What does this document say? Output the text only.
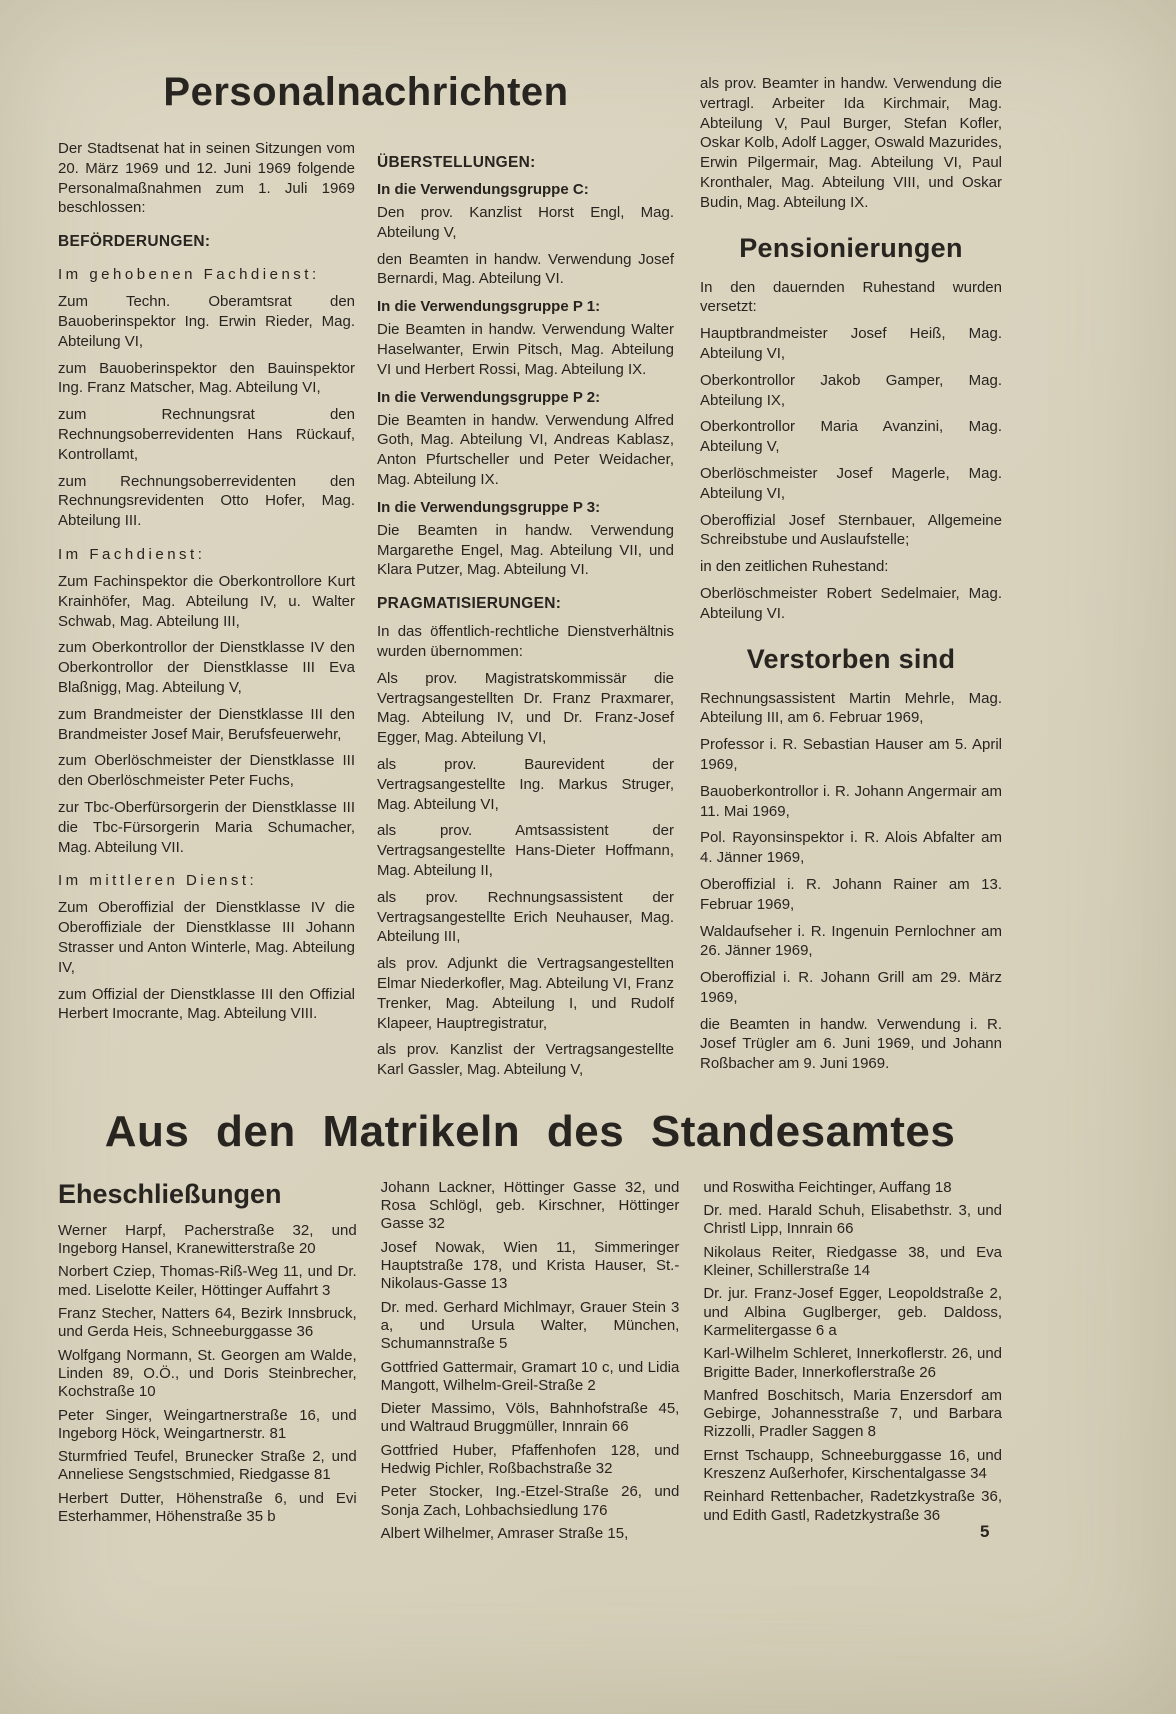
Personalnachrichten

Der Stadtsenat hat in seinen Sitzungen vom 20. März 1969 und 12. Juni 1969 folgende Personalmaßnahmen zum 1. Juli 1969 beschlossen:

BEFÖRDERUNGEN:
Im gehobenen Fachdienst:

Zum Techn. Oberamtsrat den Bauoberinspektor Ing. Erwin Rieder, Mag. Abteilung VI,

zum Bauoberinspektor den Bauinspektor Ing. Franz Matscher, Mag. Abteilung VI,

zum Rechnungsrat den Rechnungsoberrevidenten Hans Rückauf, Kontrollamt,

zum Rechnungsoberrevidenten den Rechnungsrevidenten Otto Hofer, Mag. Abteilung III.

Im Fachdienst:

Zum Fachinspektor die Oberkontrollore Kurt Krainhöfer, Mag. Abteilung IV, u. Walter Schwab, Mag. Abteilung III,

zum Oberkontrollor der Dienstklasse IV den Oberkontrollor der Dienstklasse III Eva Blaßnigg, Mag. Abteilung V,

zum Brandmeister der Dienstklasse III den Brandmeister Josef Mair, Berufsfeuerwehr,

zum Oberlöschmeister der Dienstklasse III den Oberlöschmeister Peter Fuchs,

zur Tbc-Oberfürsorgerin der Dienstklasse III die Tbc-Fürsorgerin Maria Schumacher, Mag. Abteilung VII.

Im mittleren Dienst:

Zum Oberoffizial der Dienstklasse IV die Oberoffiziale der Dienstklasse III Johann Strasser und Anton Winterle, Mag. Abteilung IV,

zum Offizial der Dienstklasse III den Offizial Herbert Imocrante, Mag. Abteilung VIII.

ÜBERSTELLUNGEN:
In die Verwendungsgruppe C:

Den prov. Kanzlist Horst Engl, Mag. Abteilung V,

den Beamten in handw. Verwendung Josef Bernardi, Mag. Abteilung VI.

In die Verwendungsgruppe P 1:

Die Beamten in handw. Verwendung Walter Haselwanter, Erwin Pitsch, Mag. Abteilung VI und Herbert Rossi, Mag. Abteilung IX.

In die Verwendungsgruppe P 2:

Die Beamten in handw. Verwendung Alfred Goth, Mag. Abteilung VI, Andreas Kablasz, Anton Pfurtscheller und Peter Weidacher, Mag. Abteilung IX.

In die Verwendungsgruppe P 3:

Die Beamten in handw. Verwendung Margarethe Engel, Mag. Abteilung VII, und Klara Putzer, Mag. Abteilung VI.

PRAGMATISIERUNGEN:

In das öffentlich-rechtliche Dienstverhältnis wurden übernommen:

Als prov. Magistratskommissär die Vertragsangestellten Dr. Franz Praxmarer, Mag. Abteilung IV, und Dr. Franz-Josef Egger, Mag. Abteilung VI,

als prov. Baurevident der Vertragsangestellte Ing. Markus Struger, Mag. Abteilung VI,

als prov. Amtsassistent der Vertragsangestellte Hans-Dieter Hoffmann, Mag. Abteilung II,

als prov. Rechnungsassistent der Vertragsangestellte Erich Neuhauser, Mag. Abteilung III,

als prov. Adjunkt die Vertragsangestellten Elmar Niederkofler, Mag. Abteilung VI, Franz Trenker, Mag. Abteilung I, und Rudolf Klapeer, Hauptregistratur,

als prov. Kanzlist der Vertragsangestellte Karl Gassler, Mag. Abteilung V,

als prov. Beamter in handw. Verwendung die vertragl. Arbeiter Ida Kirchmair, Mag. Abteilung V, Paul Burger, Stefan Kofler, Oskar Kolb, Adolf Lagger, Oswald Mazurides, Erwin Pilgermair, Mag. Abteilung VI, Paul Kronthaler, Mag. Abteilung VIII, und Oskar Budin, Mag. Abteilung IX.

Pensionierungen

In den dauernden Ruhestand wurden versetzt:

Hauptbrandmeister Josef Heiß, Mag. Abteilung VI,

Oberkontrollor Jakob Gamper, Mag. Abteilung IX,

Oberkontrollor Maria Avanzini, Mag. Abteilung V,

Oberlöschmeister Josef Magerle, Mag. Abteilung VI,

Oberoffizial Josef Sternbauer, Allgemeine Schreibstube und Auslaufstelle;

in den zeitlichen Ruhestand:

Oberlöschmeister Robert Sedelmaier, Mag. Abteilung VI.

Verstorben sind

Rechnungsassistent Martin Mehrle, Mag. Abteilung III, am 6. Februar 1969,

Professor i. R. Sebastian Hauser am 5. April 1969,

Bauoberkontrollor i. R. Johann Angermair am 11. Mai 1969,

Pol. Rayonsinspektor i. R. Alois Abfalter am 4. Jänner 1969,

Oberoffizial i. R. Johann Rainer am 13. Februar 1969,

Waldaufseher i. R. Ingenuin Pernlochner am 26. Jänner 1969,

Oberoffizial i. R. Johann Grill am 29. März 1969,

die Beamten in handw. Verwendung i. R. Josef Trügler am 6. Juni 1969, und Johann Roßbacher am 9. Juni 1969.

Aus den Matrikeln des Standesamtes
Eheschließungen

Werner Harpf, Pacherstraße 32, und Ingeborg Hansel, Kranewitterstraße 20

Norbert Cziep, Thomas-Riß-Weg 11, und Dr. med. Liselotte Keiler, Höttinger Auffahrt 3

Franz Stecher, Natters 64, Bezirk Innsbruck, und Gerda Heis, Schneeburggasse 36

Wolfgang Normann, St. Georgen am Walde, Linden 89, O.Ö., und Doris Steinbrecher, Kochstraße 10

Peter Singer, Weingartnerstraße 16, und Ingeborg Höck, Weingartnerstr. 81

Sturmfried Teufel, Brunecker Straße 2, und Anneliese Sengstschmied, Riedgasse 81

Herbert Dutter, Höhenstraße 6, und Evi Esterhammer, Höhenstraße 35 b

Johann Lackner, Höttinger Gasse 32, und Rosa Schlögl, geb. Kirschner, Höttinger Gasse 32

Josef Nowak, Wien 11, Simmeringer Hauptstraße 178, und Krista Hauser, St.-Nikolaus-Gasse 13

Dr. med. Gerhard Michlmayr, Grauer Stein 3 a, und Ursula Walter, München, Schumannstraße 5

Gottfried Gattermair, Gramart 10 c, und Lidia Mangott, Wilhelm-Greil-Straße 2

Dieter Massimo, Völs, Bahnhofstraße 45, und Waltraud Bruggmüller, Innrain 66

Gottfried Huber, Pfaffenhofen 128, und Hedwig Pichler, Roßbachstraße 32

Peter Stocker, Ing.-Etzel-Straße 26, und Sonja Zach, Lohbachsiedlung 176

Albert Wilhelmer, Amraser Straße 15,

und Roswitha Feichtinger, Auffang 18

Dr. med. Harald Schuh, Elisabethstr. 3, und Christl Lipp, Innrain 66

Nikolaus Reiter, Riedgasse 38, und Eva Kleiner, Schillerstraße 14

Dr. jur. Franz-Josef Egger, Leopoldstraße 2, und Albina Guglberger, geb. Daldoss, Karmelitergasse 6 a

Karl-Wilhelm Schleret, Innerkoflerstr. 26, und Brigitte Bader, Innerkoflerstraße 26

Manfred Boschitsch, Maria Enzersdorf am Gebirge, Johannesstraße 7, und Barbara Rizzolli, Pradler Saggen 8

Ernst Tschaupp, Schneeburggasse 16, und Kreszenz Außerhofer, Kirschentalgasse 34

Reinhard Rettenbacher, Radetzkystraße 36, und Edith Gastl, Radetzkystraße 36

5
